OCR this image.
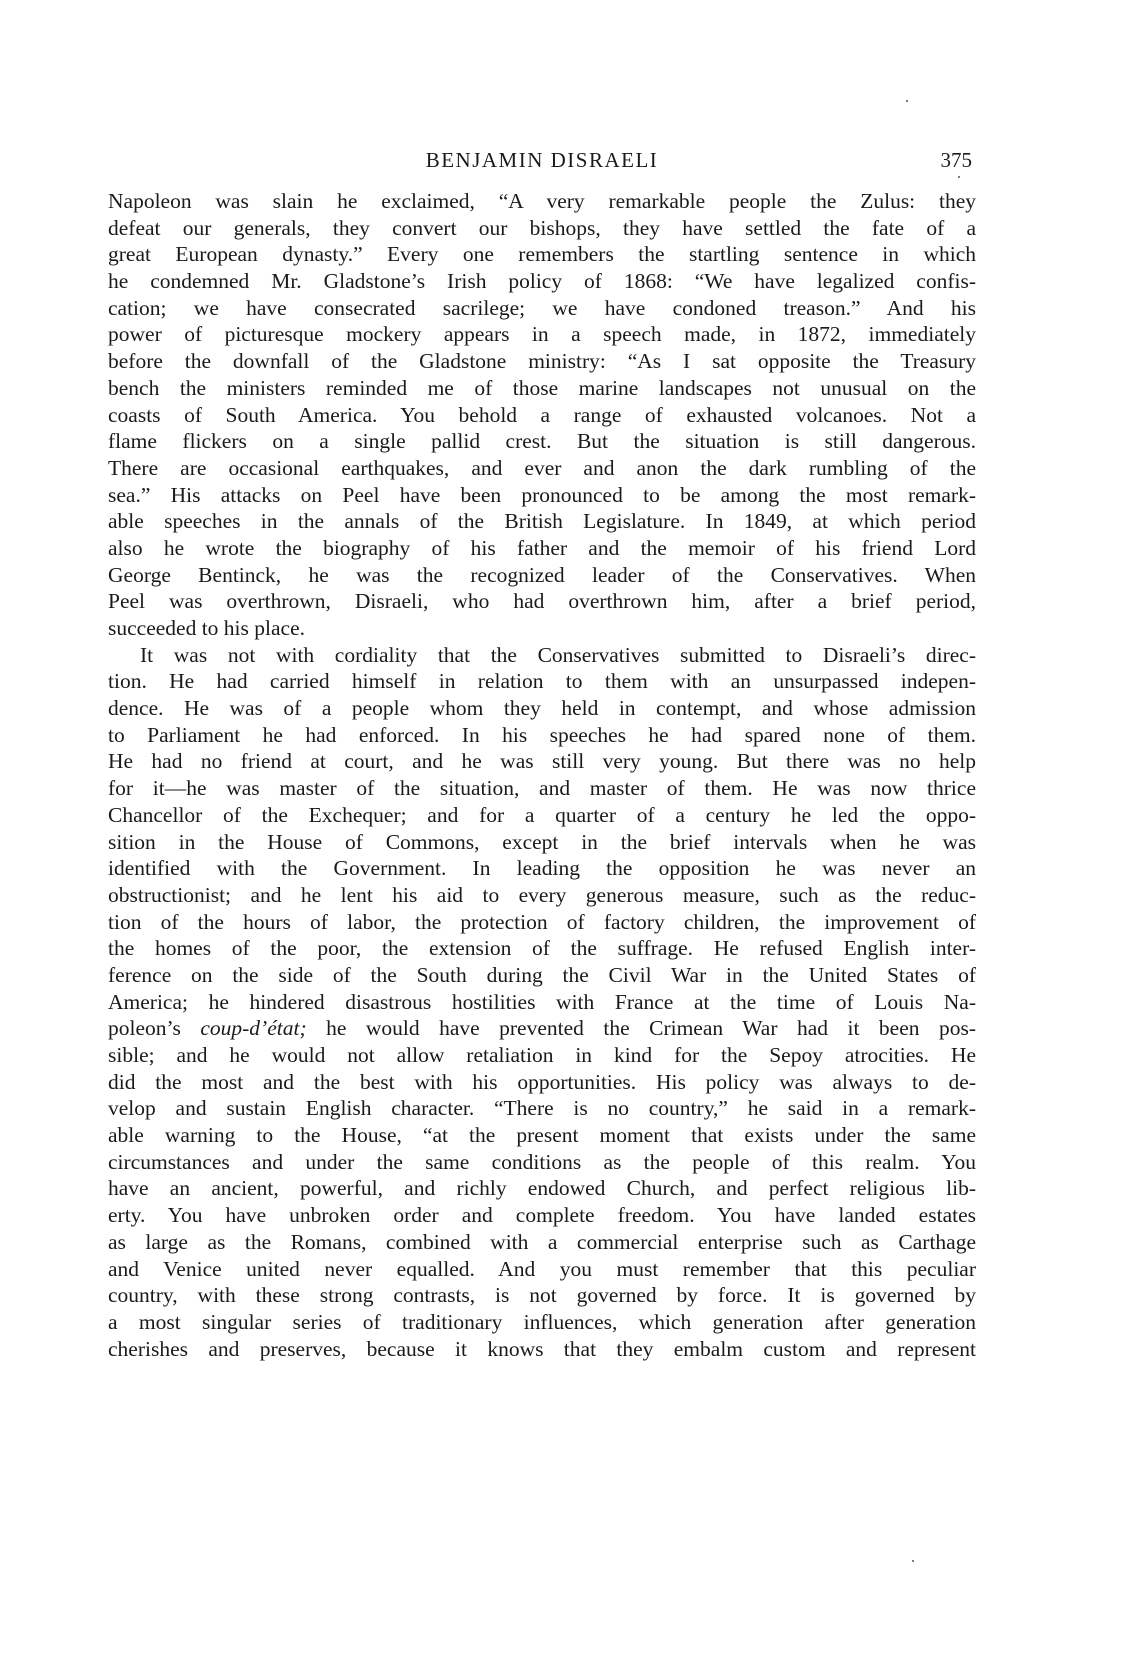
BENJAMIN DISRAELI	375
Napoleon was slain he exclaimed, “A very remarkable people the Zulus: they
defeat our generals, they convert our bishops, they have settled the fate of a
great European dynasty.” Every one remembers the startling sentence in which
he condemned Mr. Gladstone’s Irish policy of 1868: “We have legalized confis-
cation; we have consecrated sacrilege; we have condoned treason.” And his
power of picturesque mockery appears in a speech made, in 1872, immediately
before the downfall of the Gladstone ministry: “As I sat opposite the Treasury
bench the ministers reminded me of those marine landscapes not unusual on the
coasts of South America. You behold a range of exhausted volcanoes. Not a
flame flickers on a single pallid crest. But the situation is still dangerous.
There are occasional earthquakes, and ever and anon the dark rumbling of the
sea.” His attacks on Peel have been pronounced to be among the most remark-
able speeches in the annals of the British Legislature. In 1849, at which period
also he wrote the biography of his father and the memoir of his friend Lord
George Bentinck, he was the recognized leader of the Conservatives. When
Peel was overthrown, Disraeli, who had overthrown him, after a brief period,
succeeded to his place.
It was not with cordiality that the Conservatives submitted to Disraeli’s direc-
tion. He had carried himself in relation to them with an unsurpassed indepen-
dence. He was of a people whom they held in contempt, and whose admission
to Parliament he had enforced. In his speeches he had spared none of them.
He had no friend at court, and he was still very young. But there was no help
for it—he was master of the situation, and master of them. He was now thrice
Chancellor of the Exchequer; and for a quarter of a century he led the oppo-
sition in the House of Commons, except in the brief intervals when he was
identified with the Government. In leading the opposition he was never an
obstructionist; and he lent his aid to every generous measure, such as the reduc-
tion of the hours of labor, the protection of factory children, the improvement of
the homes of the poor, the extension of the suffrage. He refused English inter-
ference on the side of the South during the Civil War in the United States of
America; he hindered disastrous hostilities with France at the time of Louis Na-
poleon’s coup-d’état; he would have prevented the Crimean War had it been pos-
sible; and he would not allow retaliation in kind for the Sepoy atrocities. He
did the most and the best with his opportunities. His policy was always to de-
velop and sustain English character. “There is no country,” he said in a remark-
able warning to the House, “at the present moment that exists under the same
circumstances and under the same conditions as the people of this realm. You
have an ancient, powerful, and richly endowed Church, and perfect religious lib-
erty. You have unbroken order and complete freedom. You have landed estates
as large as the Romans, combined with a commercial enterprise such as Carthage
and Venice united never equalled. And you must remember that this peculiar
country, with these strong contrasts, is not governed by force. It is governed by
a most singular series of traditionary influences, which generation after generation
cherishes and preserves, because it knows that they embalm custom and represent
